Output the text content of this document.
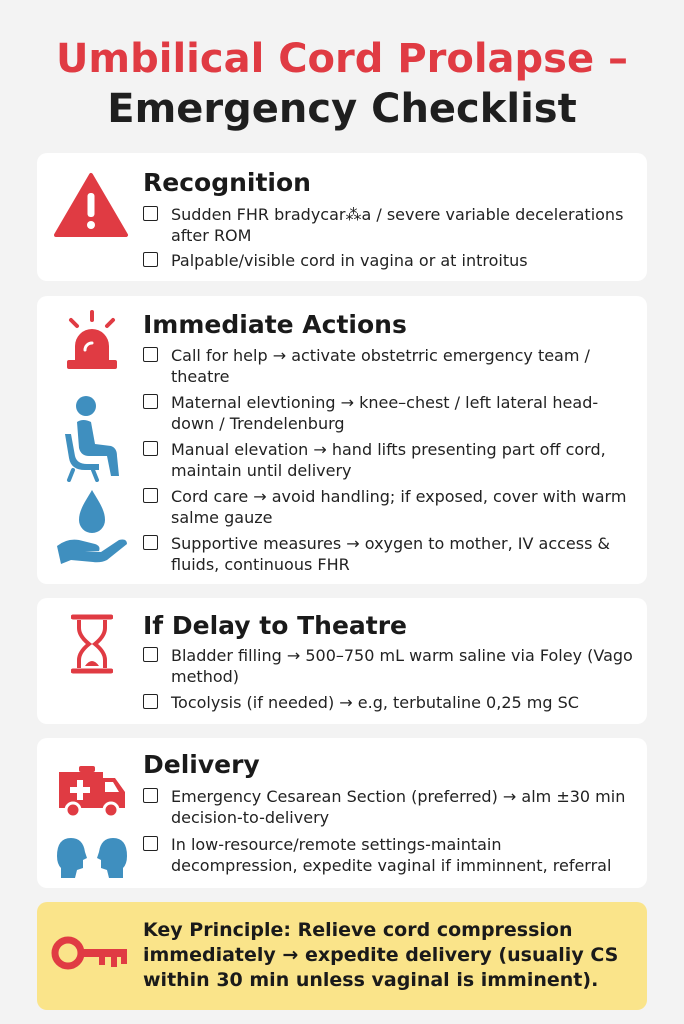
Umbilical Cord Prolapse –
Emergency Checklist
Recognition
Sudden FHR bradycar⁂a / severe variable decelerations after ROM
Palpable/visible cord in vagina or at introitus
Immediate Actions
Call for help → activate obstetrric emergency team / theatre
Maternal elevtioning → knee–chest / left lateral head-down / Trendelenburg
Manual elevation → hand lifts presenting part off cord, maintain until delivery
Cord care → avoid handling; if exposed, cover with warm salme gauze
Supportive measures → oxygen to mother, IV access & fluids, continuous FHR
If Delay to Theatre
Bladder filling → 500–750 mL warm saline via Foley (Vago method)
Tocolysis (if needed) → e.g, terbutaline 0,25 mg SC
Delivery
Emergency Cesarean Section (preferred) → alm ±30 min decision-to-delivery
In low-resource/remote settings-maintain decompression, expedite vaginal if imminnent, referral
Key Principle: Relieve cord compression immediately → expedite delivery (usualiy CS within 30 min unless vaginal is imminent).
